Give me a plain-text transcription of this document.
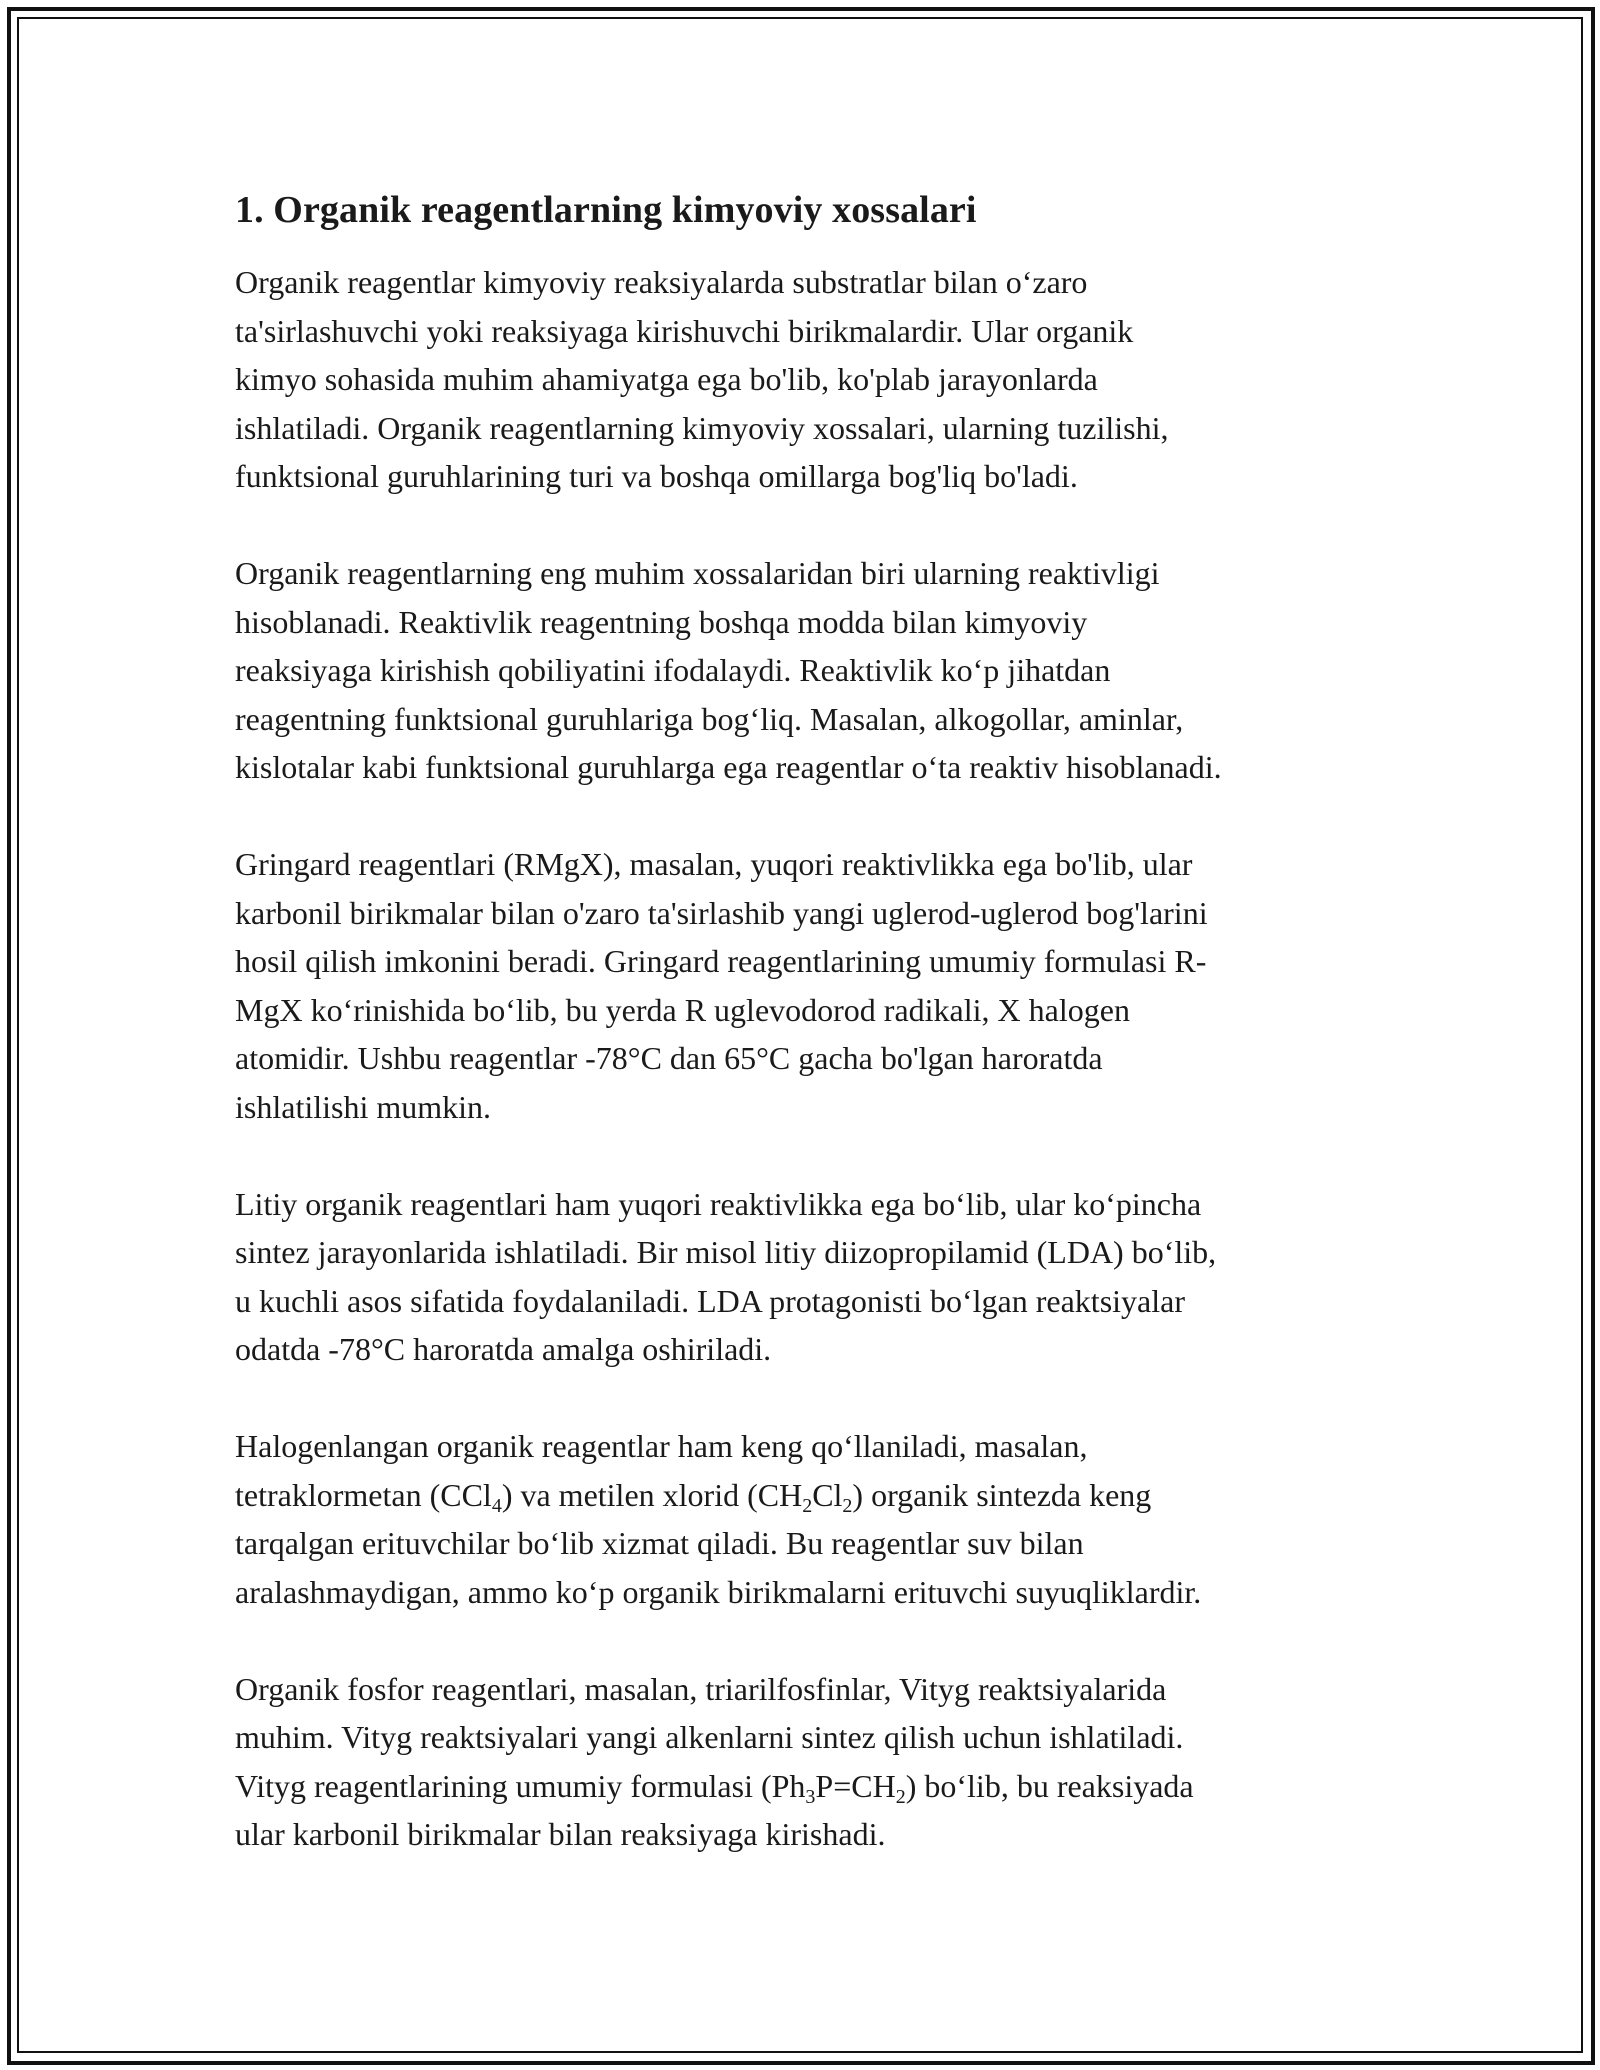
1. Organik reagentlarning kimyoviy xossalari

Organik reagentlar kimyoviy reaksiyalarda substratlar bilan o‘zaro
ta'sirlashuvchi yoki reaksiyaga kirishuvchi birikmalardir. Ular organik
kimyo sohasida muhim ahamiyatga ega bo'lib, ko'plab jarayonlarda
ishlatiladi. Organik reagentlarning kimyoviy xossalari, ularning tuzilishi,
funktsional guruhlarining turi va boshqa omillarga bog'liq bo'ladi.

Organik reagentlarning eng muhim xossalaridan biri ularning reaktivligi
hisoblanadi. Reaktivlik reagentning boshqa modda bilan kimyoviy
reaksiyaga kirishish qobiliyatini ifodalaydi. Reaktivlik ko‘p jihatdan
reagentning funktsional guruhlariga bog‘liq. Masalan, alkogollar, aminlar,
kislotalar kabi funktsional guruhlarga ega reagentlar o‘ta reaktiv hisoblanadi.

Gringard reagentlari (RMgX), masalan, yuqori reaktivlikka ega bo'lib, ular
karbonil birikmalar bilan o'zaro ta'sirlashib yangi uglerod-uglerod bog'larini
hosil qilish imkonini beradi. Gringard reagentlarining umumiy formulasi R-
MgX ko‘rinishida bo‘lib, bu yerda R uglevodorod radikali, X halogen
atomidir. Ushbu reagentlar -78°C dan 65°C gacha bo'lgan haroratda
ishlatilishi mumkin.

Litiy organik reagentlari ham yuqori reaktivlikka ega bo‘lib, ular ko‘pincha
sintez jarayonlarida ishlatiladi. Bir misol litiy diizopropilamid (LDA) bo‘lib,
u kuchli asos sifatida foydalaniladi. LDA protagonisti bo‘lgan reaktsiyalar
odatda -78°C haroratda amalga oshiriladi.

Halogenlangan organik reagentlar ham keng qo‘llaniladi, masalan,
tetraklormetan (CCl$_4$) va metilen xlorid $(CH_2Cl_2)$ organik sintezda keng
tarqalgan erituvchilar bo‘lib xizmat qiladi. Bu reagentlar suv bilan
aralashmaydigan, ammo ko‘p organik birikmalarni erituvchi suyuqliklardir.

Organik fosfor reagentlari, masalan, triarilfosfinlar, Vityg reaktsiyalarida
muhim. Vityg reaktsiyalari yangi alkenlarni sintez qilish uchun ishlatiladi.
Vityg reagentlarining umumiy formulasi $(Ph_3P=CH_2)$ bo‘lib, bu reaksiyada
ular karbonil birikmalar bilan reaksiyaga kirishadi.
